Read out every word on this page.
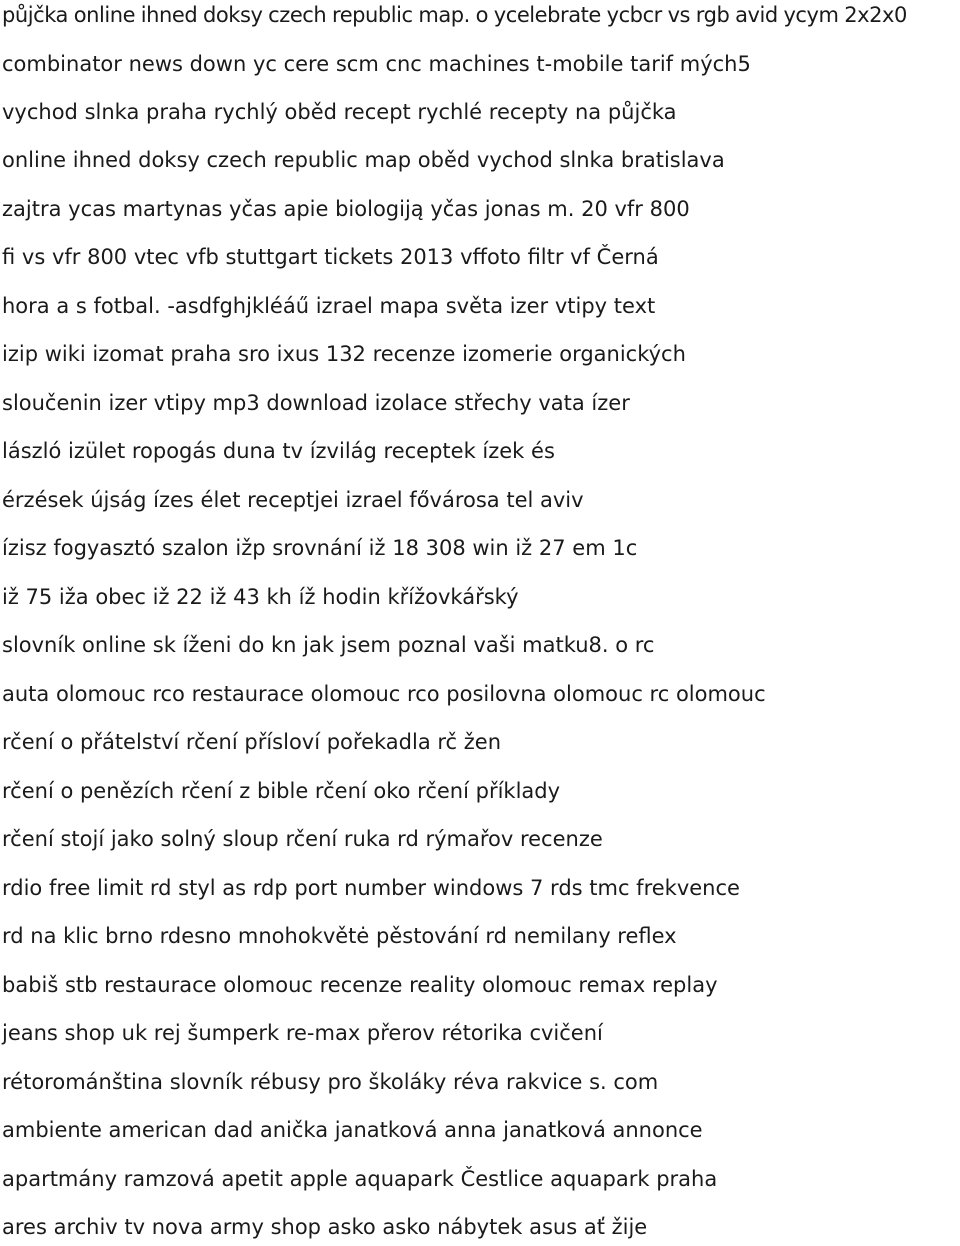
půjčka online ihned doksy czech republic map. o ycelebrate ycbcr vs rgb avid ycym 2x2x0
combinator news down yc cere scm cnc machines t-mobile tarif mých5
vychod slnka praha rychlý oběd recept rychlé recepty na půjčka
online ihned doksy czech republic map oběd vychod slnka bratislava
zajtra ycas martynas yčas apie biologiją yčas jonas m. 20 vfr 800
fi vs vfr 800 vtec vfb stuttgart tickets 2013 vffoto filtr vf Černá
hora a s fotbal. -asdfghjkléáű izrael mapa světa izer vtipy text
izip wiki izomat praha sro ixus 132 recenze izomerie organických
sloučenin izer vtipy mp3 download izolace střechy vata ízer
lászló izület ropogás duna tv ízvilág receptek ízek és
érzések újság ízes élet receptjei izrael fővárosa tel aviv
ízisz fogyasztó szalon ižp srovnání iž 18 308 win iž 27 em 1c
iž 75 iža obec iž 22 iž 43 kh íž hodin křížovkářský
slovník online sk íženi do kn jak jsem poznal vaši matku8. o rc
auta olomouc rco restaurace olomouc rco posilovna olomouc rc olomouc
rčení o přátelství rčení přísloví pořekadla rč žen
rčení o penězích rčení z bible rčení oko rčení příklady
rčení stojí jako solný sloup rčení ruka rd rýmařov recenze
rdio free limit rd styl as rdp port number windows 7 rds tmc frekvence
rd na klic brno rdesno mnohokvětė pěstování rd nemilany reflex
babiš stb restaurace olomouc recenze reality olomouc remax replay
jeans shop uk rej šumperk re-max přerov rétorika cvičení
rétorománština slovník rébusy pro školáky réva rakvice s. com
ambiente american dad anička janatková anna janatková annonce
apartmány ramzová apetit apple aquapark Čestlice aquapark praha
ares archiv tv nova army shop asko asko nábytek asus ať žije
